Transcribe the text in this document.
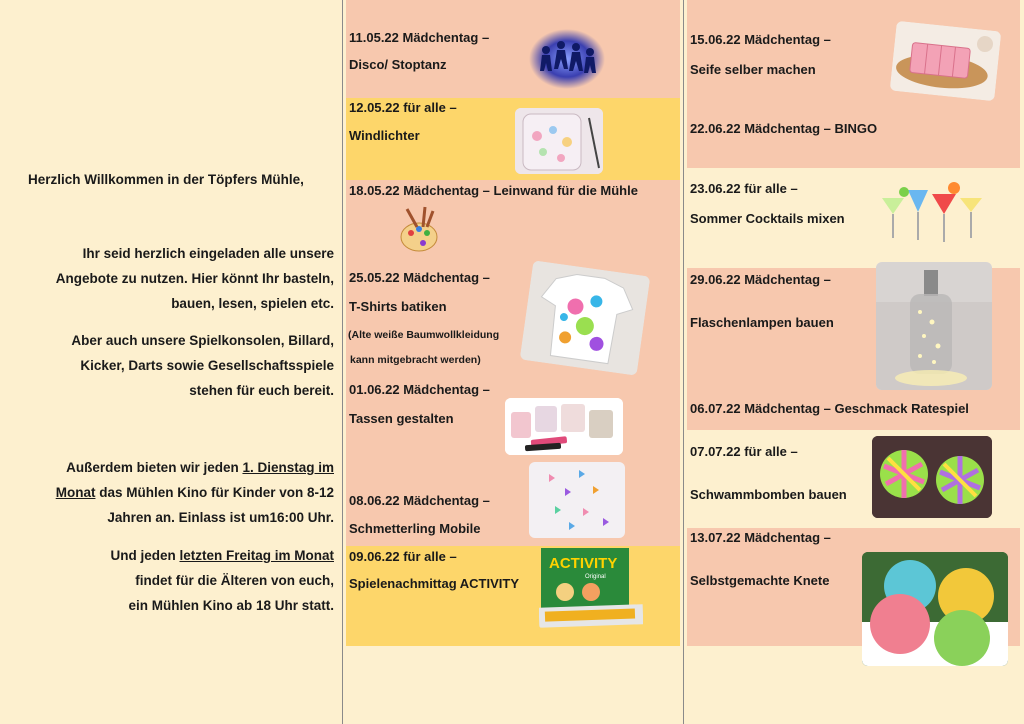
Herzlich Willkommen in der Töpfers Mühle,
Ihr seid herzlich eingeladen alle unsere
Angebote zu nutzen. Hier könnt Ihr basteln,
bauen, lesen, spielen etc.
Aber auch unsere Spielkonsolen, Billard,
Kicker, Darts sowie Gesellschaftsspiele
stehen für euch bereit.
Außerdem bieten wir jeden 1. Dienstag im
Monat das Mühlen Kino für Kinder von 8-12
Jahren an. Einlass ist um16:00 Uhr.
Und jeden letzten Freitag im Monat
findet für die Älteren von euch,
ein Mühlen Kino ab 18 Uhr statt.
11.05.22 Mädchentag –
Disco/ Stoptanz
12.05.22 für alle –
Windlichter
18.05.22 Mädchentag – Leinwand für die Mühle
25.05.22 Mädchentag –
T-Shirts batiken
(Alte weiße Baumwollkleidung
kann mitgebracht werden)
01.06.22 Mädchentag –
Tassen gestalten
08.06.22 Mädchentag –
Schmetterling Mobile
09.06.22 für alle –
Spielenachmittag ACTIVITY
ACTIVITY
Original
15.06.22 Mädchentag –
Seife selber machen
22.06.22 Mädchentag – BINGO
23.06.22 für alle –
Sommer Cocktails mixen
29.06.22 Mädchentag –
Flaschenlampen bauen
06.07.22 Mädchentag – Geschmack Ratespiel
07.07.22 für alle –
Schwammbomben bauen
13.07.22 Mädchentag –
Selbstgemachte Knete
